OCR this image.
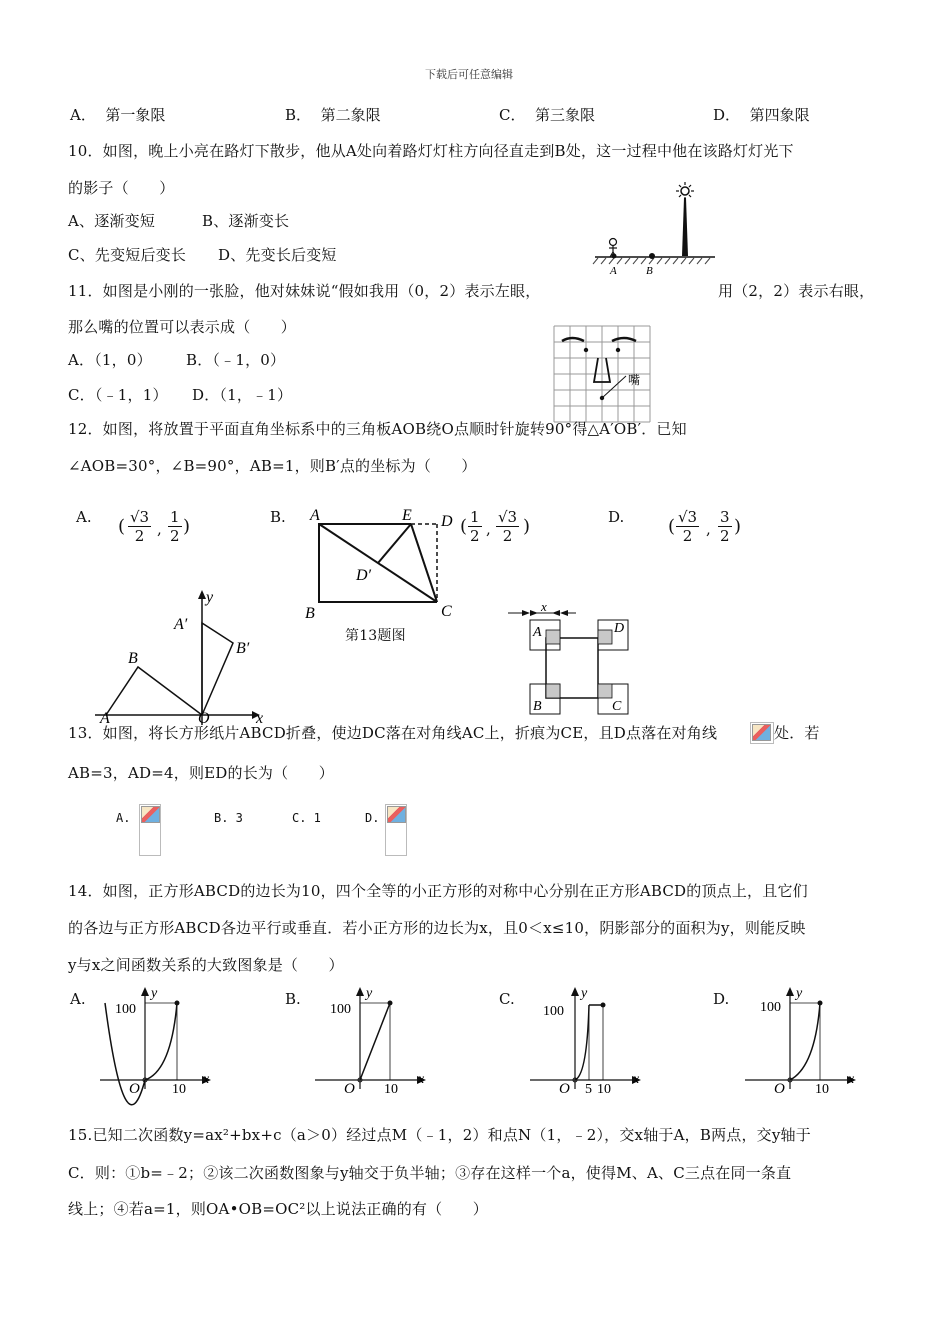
下载后可任意编辑
A． 第一象限	B． 第二象限	C． 第三象限	D． 第四象限
10．如图，晚上小亮在路灯下散步，他从A处向着路灯灯柱方向径直走到B处，这一过程中他在该路灯灯光下
的影子（　　）
A、逐渐变短	B、逐渐变长
C、先变短后变长 D、先变长后变短
A	B
11．如图是小刚的一张脸，他对妹妹说“假如我用（0，2）表示左眼，	用（2，2）表示右眼，
那么嘴的位置可以表示成（　　）
A．（1，0） B．（﹣1，0）
C．（﹣1，1） D．（1，﹣1）
嘴
12．如图，将放置于平面直角坐标系中的三角板AOB绕O点顺时针旋转90°得△A′OB′．已知
∠AOB=30°，∠B=90°，AB=1，则B′点的坐标为（　　）
A. ( $\frac{√3}{2}$ , $\frac{1}{2}$ )	B.	( $\frac{1}{2}$ , $\frac{√3}{2}$ )	D. ( $\frac{√3}{2}$ , $\frac{3}{2}$ )
A	E D
D′
B	C
第13题图
y
x
O
A
B
A′
B′
x
A	D
B	C
13．如图，将长方形纸片ABCD折叠，使边DC落在对角线AC上，折痕为CE，且D点落在对角线	处．若
AB=3，AD=4，则ED的长为（　　）
A.	B. 3	C. 1	D.
14．如图，正方形ABCD的边长为10，四个全等的小正方形的对称中心分别在正方形ABCD的顶点上，且它们
的各边与正方形ABCD各边平行或垂直．若小正方形的边长为x，且0＜x≤10，阴影部分的面积为y，则能反映
y与x之间函数关系的大致图象是（　　）
A.
100
O 10
y
x
B.
100
O 10
y
x
C.
100
O 5 10
y
x
D. 100
O 10
y
x
15.已知二次函数y=ax²+bx+c（a＞0）经过点M（﹣1，2）和点N（1，﹣2），交x轴于A，B两点，交y轴于
C．则：①b=﹣2；②该二次函数图象与y轴交于负半轴；③存在这样一个a，使得M、A、C三点在同一条直
线上；④若a=1，则OA•OB=OC²以上说法正确的有（　　）
